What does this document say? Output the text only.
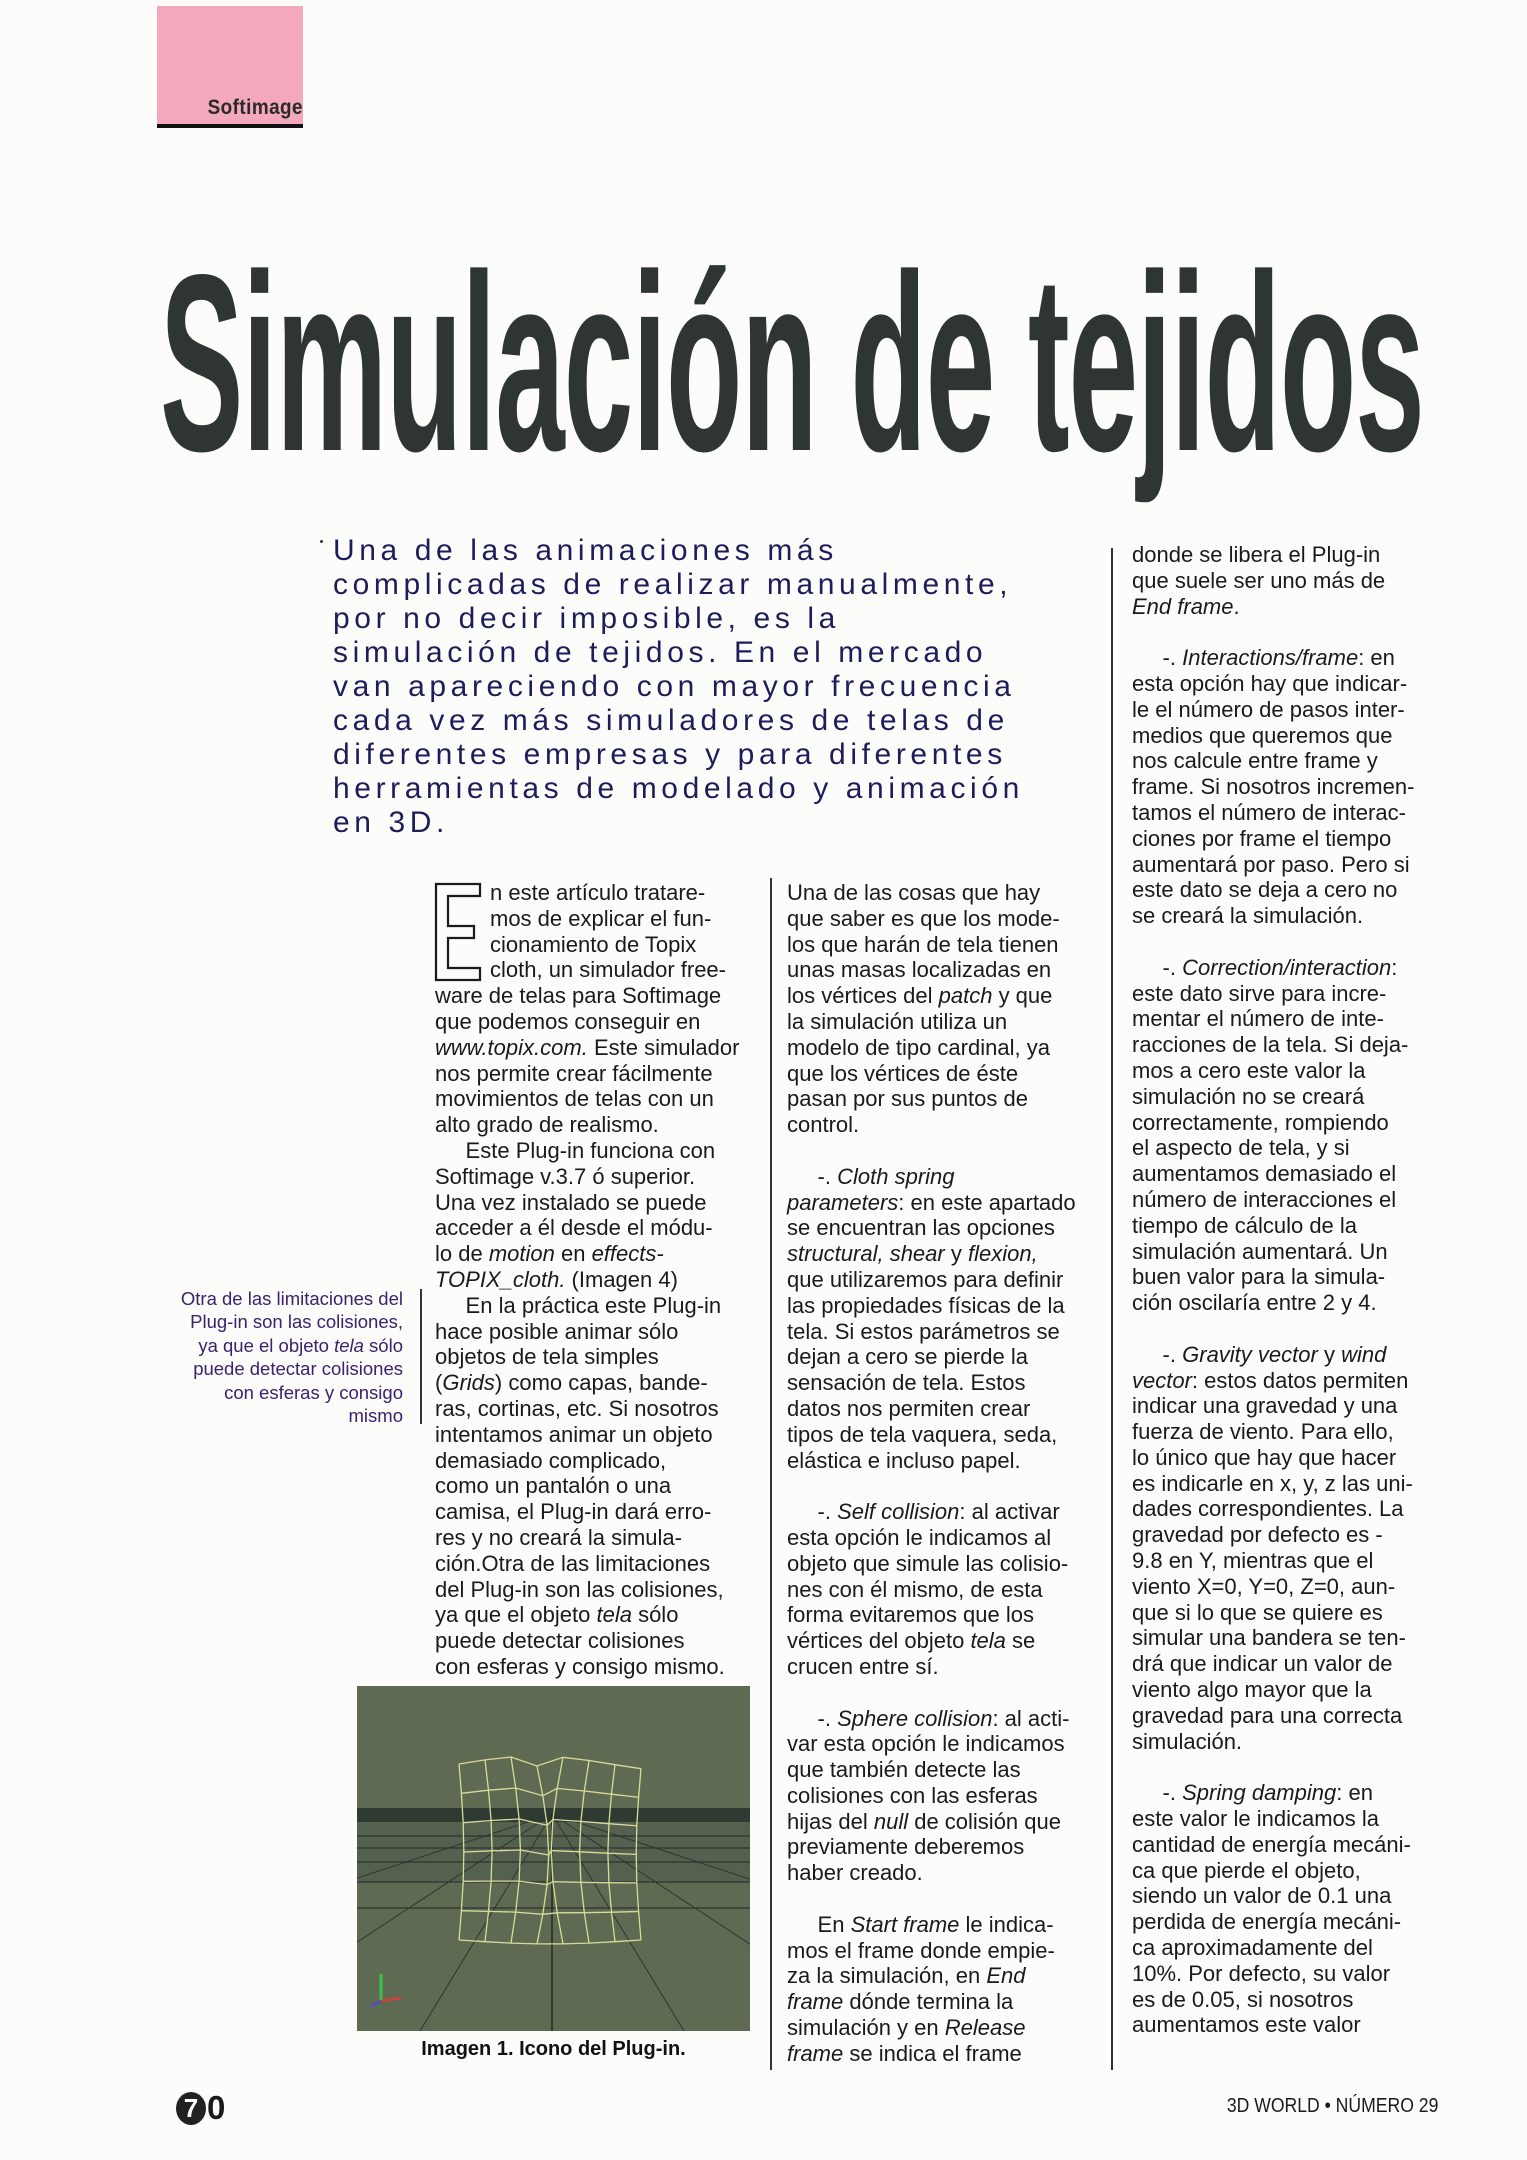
Softimage
Simulación de tejidos
Una de las animaciones más
complicadas de realizar manualmente,
por no decir imposible, es la
simulación de tejidos. En el mercado
van apareciendo con mayor frecuencia
cada vez más simuladores de telas de
diferentes empresas y para diferentes
herramientas de modelado y animación
en 3D.
n este artículo tratare-
mos de explicar el fun-
cionamiento de Topix
cloth, un simulador free-
ware de telas para Softimage
que podemos conseguir en
www.topix.com. Este simulador
nos permite crear fácilmente
movimientos de telas con un
alto grado de realismo.
Este Plug-in funciona con
Softimage v.3.7 ó superior.
Una vez instalado se puede
acceder a él desde el módu-
lo de motion en effects-
TOPIX_cloth. (Imagen 4)
En la práctica este Plug-in
hace posible animar sólo
objetos de tela simples
(Grids) como capas, bande-
ras, cortinas, etc. Si nosotros
intentamos animar un objeto
demasiado complicado,
como un pantalón o una
camisa, el Plug-in dará erro-
res y no creará la simula-
ción.Otra de las limitaciones
del Plug-in son las colisiones,
ya que el objeto tela sólo
puede detectar colisiones
con esferas y consigo mismo.
Una de las cosas que hay
que saber es que los mode-
los que harán de tela tienen
unas masas localizadas en
los vértices del patch y que
la simulación utiliza un
modelo de tipo cardinal, ya
que los vértices de éste
pasan por sus puntos de
control.
-. Cloth spring
parameters: en este apartado
se encuentran las opciones
structural, shear y flexion,
que utilizaremos para definir
las propiedades físicas de la
tela. Si estos parámetros se
dejan a cero se pierde la
sensación de tela. Estos
datos nos permiten crear
tipos de tela vaquera, seda,
elástica e incluso papel.
-. Self collision: al activar
esta opción le indicamos al
objeto que simule las colisio-
nes con él mismo, de esta
forma evitaremos que los
vértices del objeto tela se
crucen entre sí.
-. Sphere collision: al acti-
var esta opción le indicamos
que también detecte las
colisiones con las esferas
hijas del null de colisión que
previamente deberemos
haber creado.
En Start frame le indica-
mos el frame donde empie-
za la simulación, en End
frame dónde termina la
simulación y en Release
frame se indica el frame
donde se libera el Plug-in
que suele ser uno más de
End frame.
-. Interactions/frame: en
esta opción hay que indicar-
le el número de pasos inter-
medios que queremos que
nos calcule entre frame y
frame. Si nosotros incremen-
tamos el número de interac-
ciones por frame el tiempo
aumentará por paso. Pero si
este dato se deja a cero no
se creará la simulación.
-. Correction/interaction:
este dato sirve para incre-
mentar el número de inte-
racciones de la tela. Si deja-
mos a cero este valor la
simulación no se creará
correctamente, rompiendo
el aspecto de tela, y si
aumentamos demasiado el
número de interacciones el
tiempo de cálculo de la
simulación aumentará. Un
buen valor para la simula-
ción oscilaría entre 2 y 4.
-. Gravity vector y wind
vector: estos datos permiten
indicar una gravedad y una
fuerza de viento. Para ello,
lo único que hay que hacer
es indicarle en x, y, z las uni-
dades correspondientes. La
gravedad por defecto es -
9.8 en Y, mientras que el
viento X=0, Y=0, Z=0, aun-
que si lo que se quiere es
simular una bandera se ten-
drá que indicar un valor de
viento algo mayor que la
gravedad para una correcta
simulación.
-. Spring damping: en
este valor le indicamos la
cantidad de energía mecáni-
ca que pierde el objeto,
siendo un valor de 0.1 una
perdida de energía mecáni-
ca aproximadamente del
10%. Por defecto, su valor
es de 0.05, si nosotros
aumentamos este valor
Otra de las limitaciones del
Plug-in son las colisiones,
ya que el objeto tela sólo
puede detectar colisiones
con esferas y consigo
mismo
Imagen 1. Icono del Plug-in.
7 0	3D WORLD • NÚMERO 29
